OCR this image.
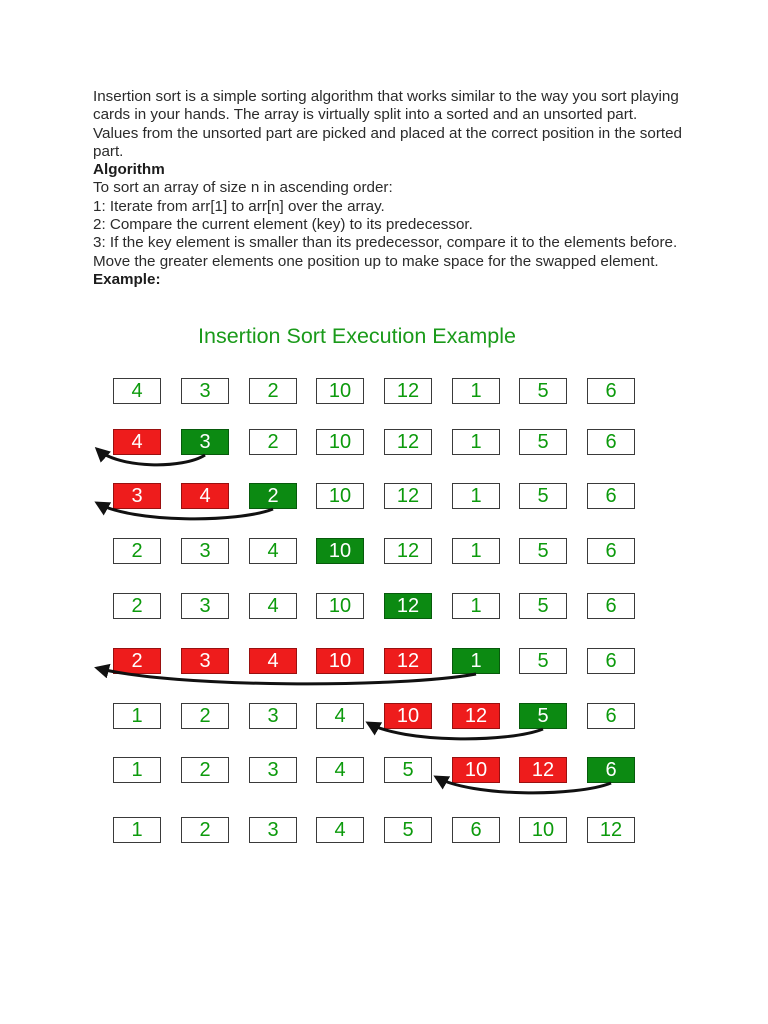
Insertion sort is a simple sorting algorithm that works similar to the way you sort playing cards in your hands. The array is virtually split into a sorted and an unsorted part. Values from the unsorted part are picked and placed at the correct position in the sorted part.

Algorithm

To sort an array of size n in ascending order:

1: Iterate from arr[1] to arr[n] over the array.

2: Compare the current element (key) to its predecessor.

3: If the key element is smaller than its predecessor, compare it to the elements before. Move the greater elements one position up to make space for the swapped element.

Example:

Insertion Sort Execution Example
4	3	2	10	12	1	5	6
4	3	2	10	12	1	5	6
3	4	2	10	12	1	5	6
2	3	4	10	12	1	5	6
2	3	4	10	12	1	5	6
2	3	4	10	12	1	5	6
1	2	3	4	10	12	5	6
1	2	3	4	5	10	12	6
1	2	3	4	5	6	10	12
